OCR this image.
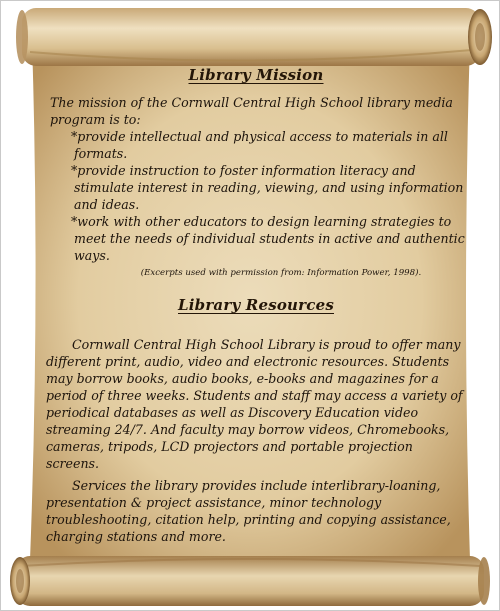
Library Mission

The mission of the Cornwall Central High School library media program is to:

*provide intellectual and physical access to materials in all formats.

*provide instruction to foster information literacy and stimulate interest in reading, viewing, and using information and ideas.

*work with other educators to design learning strategies to meet the needs of individual students in active and authentic ways.

(Excerpts used with permission from: Information Power, 1998).

Library Resources

Cornwall Central High School Library is proud to offer many different print, audio, video and electronic resources. Students may borrow books, audio books, e-books and magazines for a period of three weeks. Students and staff may access a variety of periodical databases as well as Discovery Education video streaming 24/7. And faculty may borrow videos, Chromebooks, cameras, tripods, LCD projectors and portable projection screens.

Services the library provides include interlibrary-loaning, presentation & project assistance, minor technology troubleshooting, citation help, printing and copying assistance, charging stations and more.
